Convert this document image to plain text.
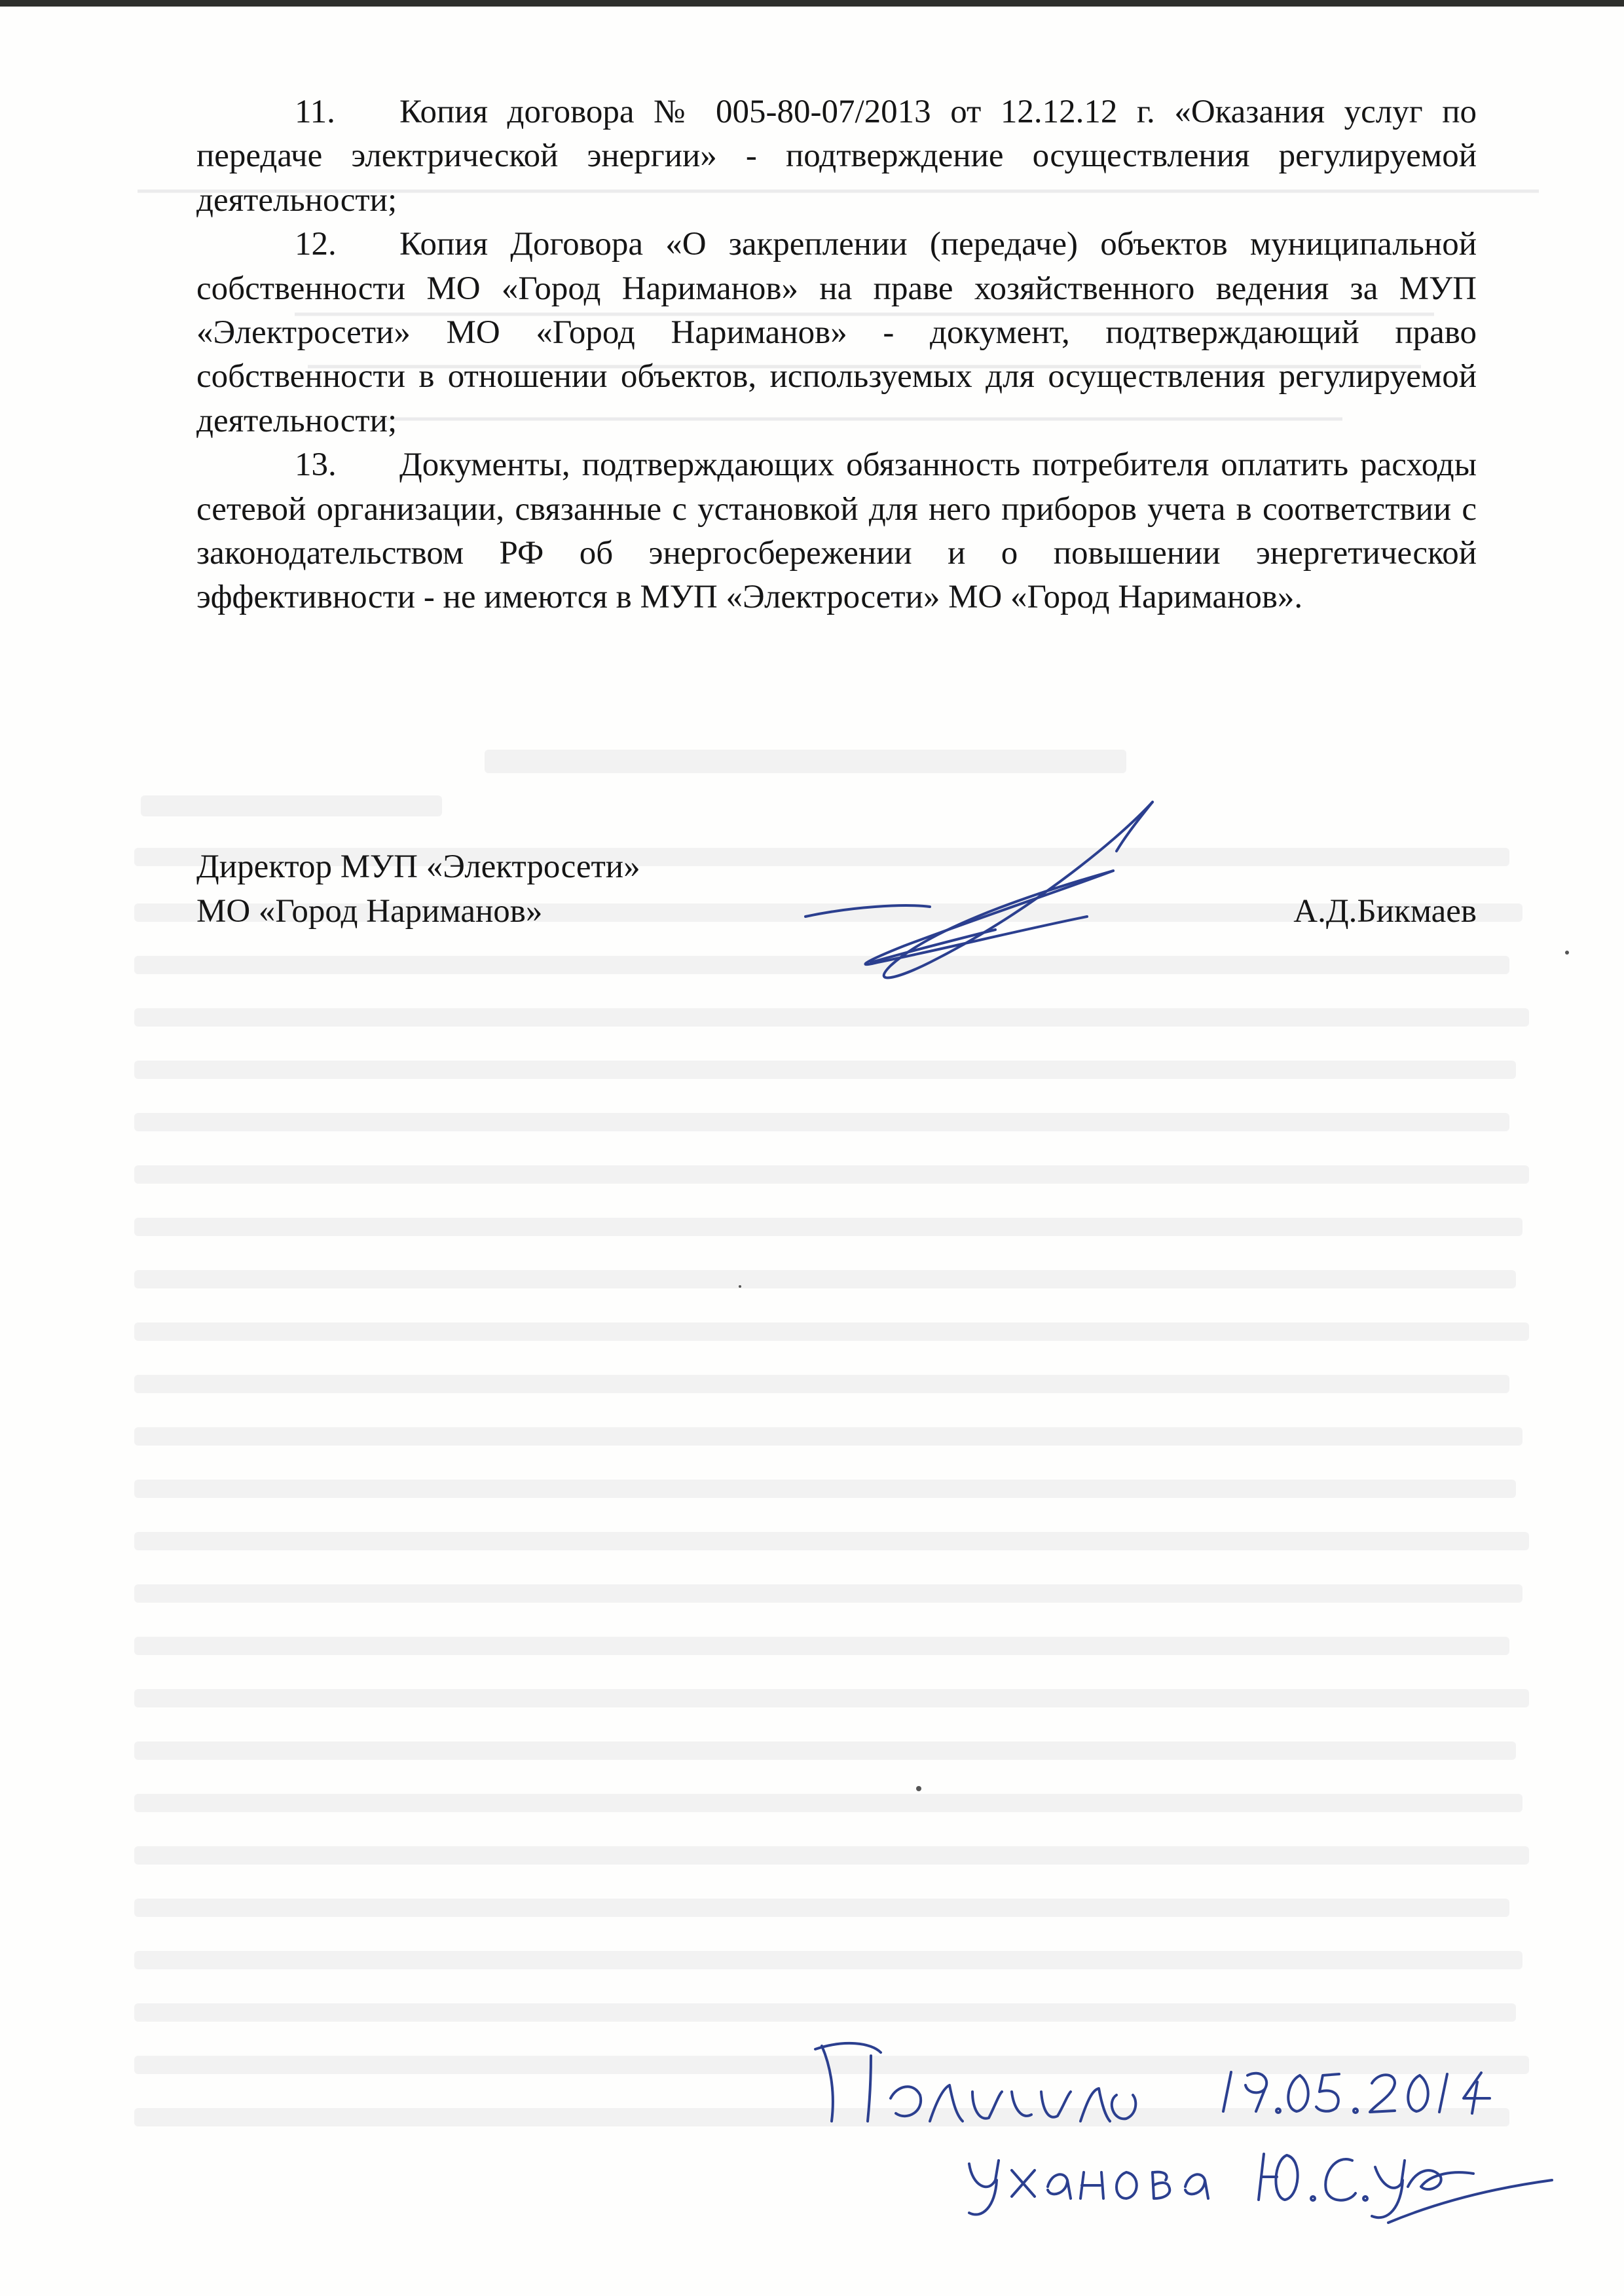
11. Копия договора № 005-80-07/2013 от 12.12.12 г. «Оказания услуг по передаче электрической энергии» - подтверждение осуществления регулируемой деятельности;

12. Копия Договора «О закреплении (передаче) объектов муниципальной собственности МО «Город Нариманов» на праве хозяйственного ведения за МУП «Электросети» МО «Город Нариманов» - документ, подтверждающий право собственности в отношении объектов, используемых для осуществления регулируемой деятельности;

13. Документы, подтверждающих обязанность потребителя оплатить расходы сетевой организации, связанные с установкой для него приборов учета в соответствии с законодательством РФ об энергосбережении и о повышении энергетической эффективности - не имеются в МУП «Электросети» МО «Город Нариманов».

Директор МУП «Электросети»
МО «Город Нариманов»	А.Д.Бикмаев
